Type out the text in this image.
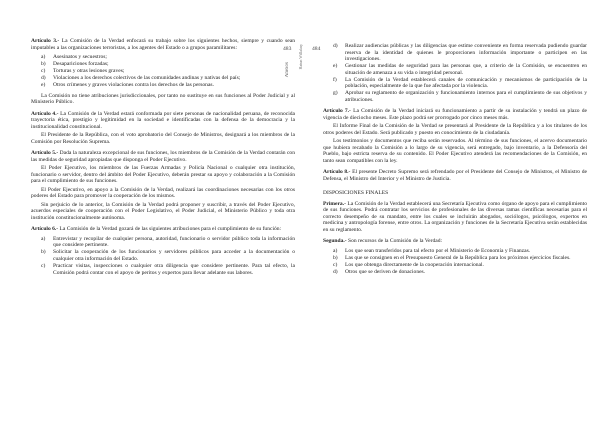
Artículo 3.- La Comisión de la Verdad enfocará su trabajo sobre los siguientes hechos, siempre y cuando sean imputables a las organizaciones terroristas, a los agentes del Estado o a grupos paramilitares:

a) Asesinatos y secuestros;
b) Desapariciones forzadas;
c) Torturas y otras lesiones graves;
d) Violaciones a los derechos colectivos de las comunidades andinas y nativas del país;
e) Otros crímenes y graves violaciones contra los derechos de las personas.

La Comisión no tiene atribuciones jurisdiccionales, por tanto no sustituye en sus funciones al Poder Judicial y al Ministerio Público.

Artículo 4.- La Comisión de la Verdad estará conformada por siete personas de nacionalidad peruana, de reconocida trayectoria ética, prestigio y legitimidad en la sociedad e identificadas con la defensa de la democracia y la institucionalidad constitucional.

El Presidente de la República, con el voto aprobatorio del Consejo de Ministros, designará a los miembros de la Comisión por Resolución Suprema.

Artículo 5.- Dada la naturaleza excepcional de sus funciones, los miembros de la Comisión de la Verdad contarán con las medidas de seguridad apropiadas que disponga el Poder Ejecutivo.

El Poder Ejecutivo, los miembros de las Fuerzas Armadas y Policía Nacional o cualquier otra institución, funcionario o servidor, dentro del ámbito del Poder Ejecutivo, deberán prestar su apoyo y colaboración a la Comisión para el cumplimiento de sus funciones.

El Poder Ejecutivo, en apoyo a la Comisión de la Verdad, realizará las coordinaciones necesarias con los otros poderes del Estado para promover la cooperación de los mismos.

Sin perjuicio de lo anterior, la Comisión de la Verdad podrá proponer y suscribir, a través del Poder Ejecutivo, acuerdos especiales de cooperación con el Poder Legislativo, el Poder Judicial, el Ministerio Público y toda otra institución constitucionalmente autónoma.

Artículo 6.- La Comisión de la Verdad gozará de las siguientes atribuciones para el cumplimiento de su función:

a) Entrevistar y recopilar de cualquier persona, autoridad, funcionario o servidor público toda la información que considere pertinente.
b) Solicitar la cooperación de los funcionarios y servidores públicos para acceder a la documentación o cualquier otra información del Estado.
c) Practicar visitas, inspecciones o cualquier otra diligencia que considere pertinente. Para tal efecto, la Comisión podrá contar con el apoyo de peritos y expertos para llevar adelante sus labores.
483	484
Anexos
Hatun Willakuy	d) Realizar audiencias públicas y las diligencias que estime conveniente en forma reservada pudiendo guardar reserva de la identidad de quienes le proporcionen información importante o participen en las investigaciones.
e) Gestionar las medidas de seguridad para las personas que, a criterio de la Comisión, se encuentren en situación de amenaza a su vida o integridad personal.
f) La Comisión de la Verdad establecerá canales de comunicación y mecanismos de participación de la población, especialmente de la que fue afectada por la violencia.
g) Aprobar su reglamento de organización y funcionamiento internos para el cumplimiento de sus objetivos y atribuciones.

Artículo 7.- La Comisión de la Verdad iniciará su funcionamiento a partir de su instalación y tendrá un plazo de vigencia de dieciocho meses. Este plazo podrá ser prorrogado por cinco meses más.

El Informe Final de la Comisión de la Verdad se presentará al Presidente de la República y a los titulares de los otros poderes del Estado. Será publicado y puesto en conocimiento de la ciudadanía.

Los testimonios y documentos que reciba serán reservados. Al término de sus funciones, el acervo documentario que hubiera recabado la Comisión a lo largo de su vigencia, será entregado, bajo inventario, a la Defensoría del Pueblo, bajo estricta reserva de su contenido. El Poder Ejecutivo atenderá las recomendaciones de la Comisión, en tanto sean compatibles con la ley.

Artículo 8.- El presente Decreto Supremo será refrendado por el Presidente del Consejo de Ministros, el Ministro de Defensa, el Ministro del Interior y el Ministro de Justicia.

DISPOSICIONES FINALES

Primera.- La Comisión de la Verdad establecerá una Secretaría Ejecutiva como órgano de apoyo para el cumplimiento de sus funciones. Podrá contratar los servicios de profesionales de las diversas ramas científicas necesarias para el correcto desempeño de su mandato, entre los cuales se incluirán abogados, sociólogos, psicólogos, expertos en medicina y antropología forense, entre otros. La organización y funciones de la Secretaría Ejecutiva serán establecidas en su reglamento.

Segunda.- Son recursos de la Comisión de la Verdad:

a) Los que sean transferidos para tal efecto por el Ministerio de Economía y Finanzas.
b) Las que se consignen en el Presupuesto General de la República para los próximos ejercicios fiscales.
c) Los que obtenga directamente de la cooperación internacional.
d) Otros que se deriven de donaciones.
